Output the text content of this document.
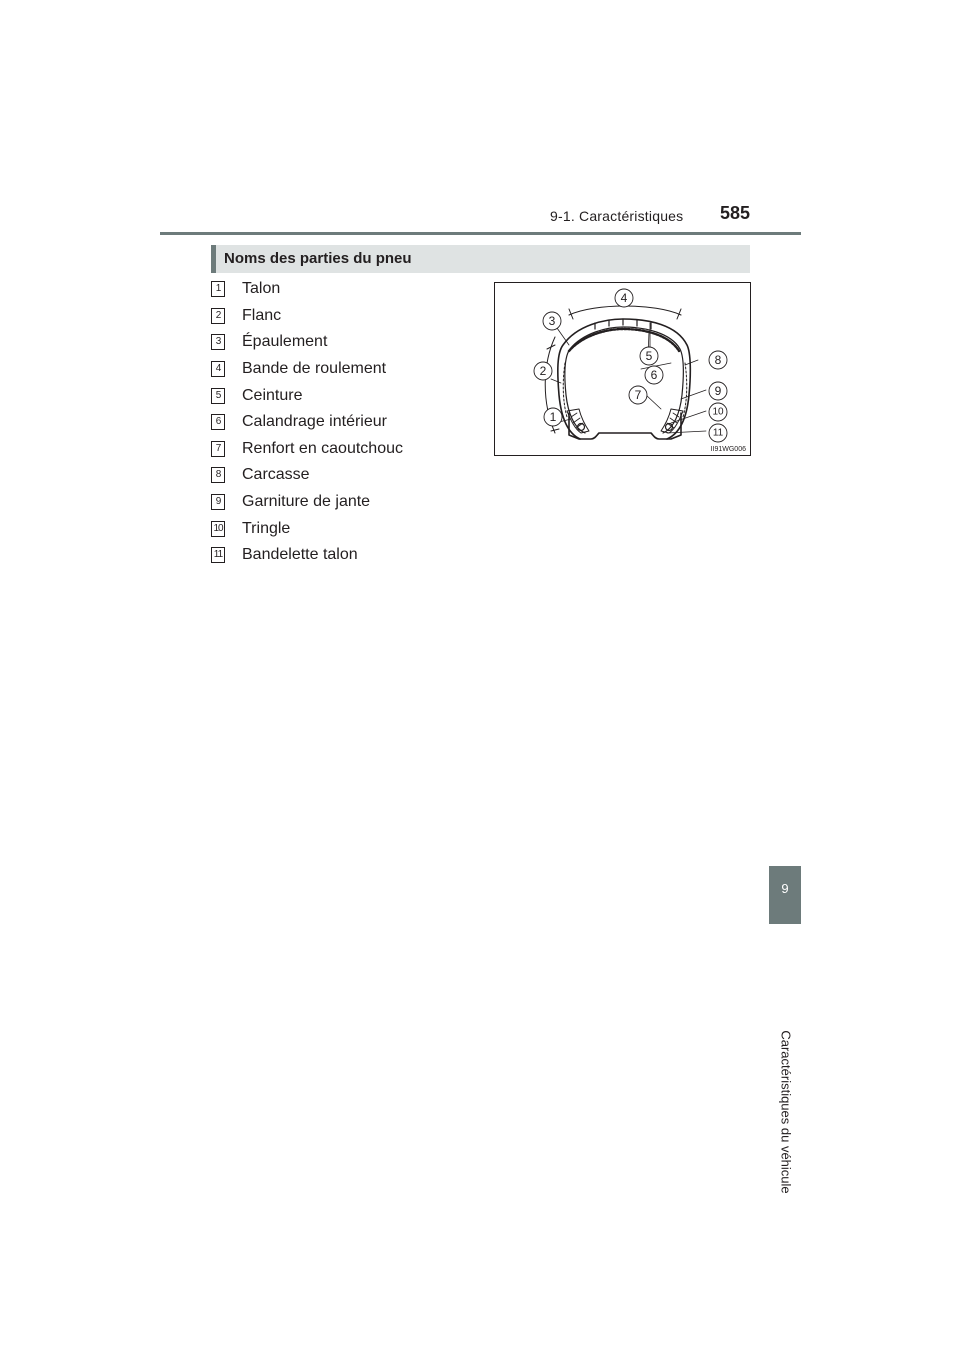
9-1. Caractéristiques 585
9
Caractéristiques du véhicule
Noms des parties du pneu
1 Talon
2 Flanc
3 Épaulement
4 Bande de roulement
5 Ceinture
6 Calandrage intérieur
7 Renfort en caoutchouc
8 Carcasse
9 Garniture de jante
10 Tringle
11 Bandelette talon
1
2
3
4
5
6
7
8
9
10
11
II91WG006
